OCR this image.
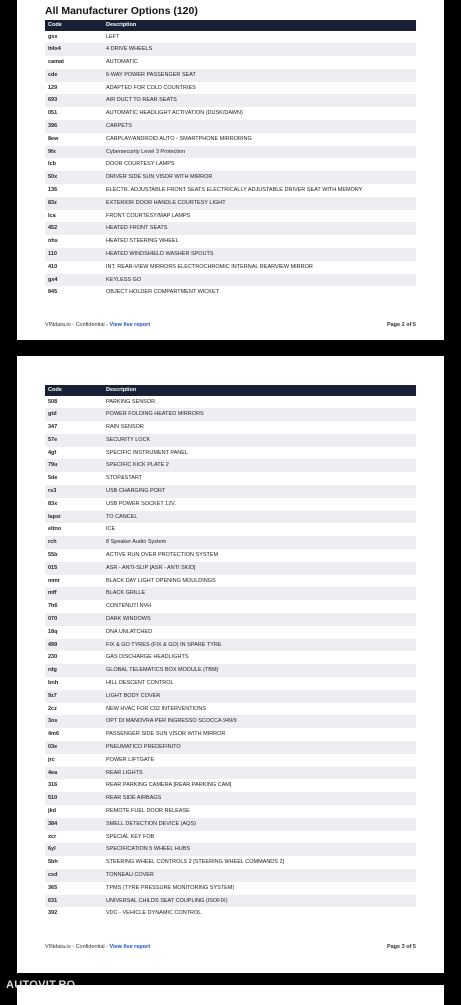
All Manufacturer Options (120)
Code	Description
gsx	LEFT
tt4x4	4 DRIVE WHEELS
camat	AUTOMATIC
cde	6-WAY POWER PASSENGER SEAT
129	ADAPTED FOR COLD COUNTRIES
693	AIR DUCT TO REAR SEATS
051	AUTOMATIC HEADLIGHT ACTIVATION (DUSK/DAWN)
396	CARPETS
8ew	CARPLAY/ANDROID AUTO - SMARTPHONE MIRRORING
9fx	Cybersecurity Level 3 Protection
lcb	DOOR COURTESY LAMPS
50x	DRIVER SIDE SUN VISOR WITH MIRROR
136	ELECTR. ADJUSTABLE FRONT SEATS ELECTRICALLY ADJUSTABLE DRIVER SEAT WITH MEMORY
83z	EXTERIOR DOOR HANDLE COURTESY LIGHT
lca	FRONT COURTESY/MAP LAMPS
452	HEATED FRONT SEATS
nhs	HEATED STEERING WHEEL
110	HEATED WINDSHIELD WASHER SPOUTS
410	INT. REAR-VIEW MIRRORS ELECTROCHROMIC INTERNAL REARVIEW MIRROR
gx4	KEYLESS GO
845	OBJECT HOLDER COMPARTMENT WICKET
VINdata.io - Confidential - View live report	Page 2 of 5
Code	Description
508	PARKING SENSOR
gtd	POWER FOLDING HEATED MIRRORS
347	RAIN SENSOR
57e	SECURITY LOCK
4gf	SPECIFIC INSTRUMENT PANEL
79u	SPECIFIC KICK PLATE 2
5de	STOP&START
rs3	USB CHARGING PORT
83x	USB POWER SOCKET 12V.
lapsi	TO CANCEL
eltno	ICE
rch	8 Speaker Audio System
55b	ACTIVE RUN OVER PROTECTION SYSTEM
015	ASR - ANTI-SLIP [ASR - ANTI SKID]
mmr	BLACK DAY LIGHT OPENING MOULDINGS
mff	BLACK GRILLE
7h6	CONTENUTI NVH
070	DARK WINDOWS
18q	DNA UNLATCHED
499	FIX & GO TYRES (FIX & GO) IN SPARE TYRE
230	GAS DISCHARGE HEADLIGHTS
rdg	GLOBAL TELEMATICS BOX MODULE (TBM)
bnh	HILL DESCENT CONTROL
9z7	LIGHT BODY COVER
2cz	NEW HVAC FOR C02 INTERVENTIONS
3os	OPT DI MANOVRA PER INGRESSO SCOCCA 949/9
4m6	PASSENGER SIDE SUN VISOR WITH MIRROR
03e	PNEUMATICO PREDEFINITO
jrc	POWER LIFTGATE
4ea	REAR LIGHTS
316	REAR PARKING CAMERA [REAR PARKING CAM]
510	REAR SIDE AIRBAGS
jkd	REMOTE FUEL DOOR RELEASE
384	SMELL DETECTION DEVICE (AQS)
xcr	SPECIAL KEY FOB
6yl	SPECIFICATION 5 WHEEL HUBS
5bh	STEERING WHEEL CONTROLS 2 [STEERING WHEEL COMMANDS 2]
csd	TONNEAU COVER
365	TPMS (TYRE PRESSURE MONITORING SYSTEM)
631	UNIVERSAL CHILDS SEAT COUPLING (ISOFIX)
392	VDC - VEHICLE DYNAMIC CONTROL
VINdata.io - Confidential - View live report	Page 3 of 5
AUTOVIT.RO
